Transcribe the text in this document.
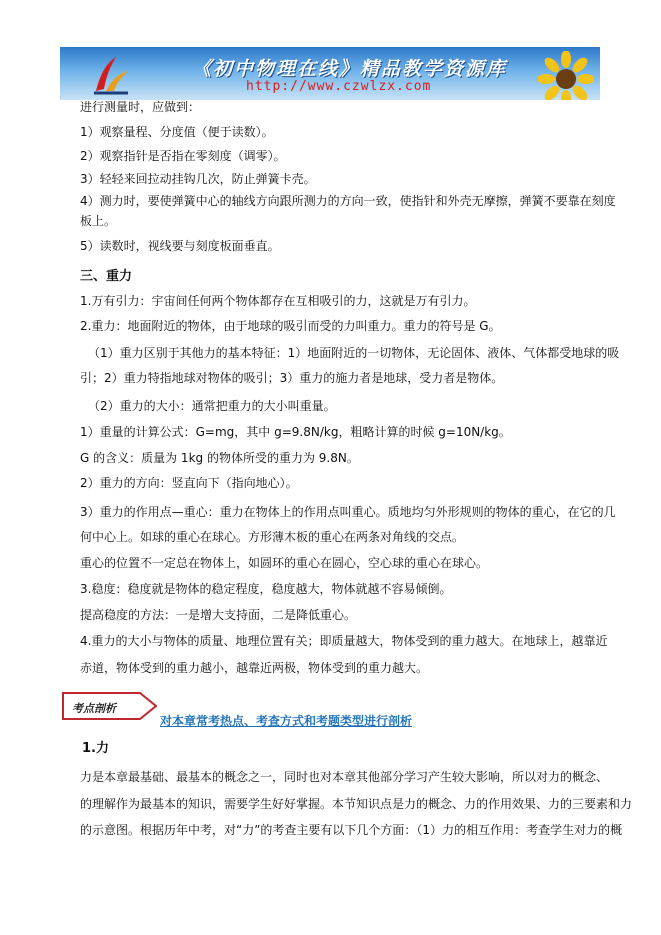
《初中物理在线》精品教学资源库
http://www.czwlzx.com
进行测量时，应做到：
1）观察量程、分度值（便于读数）。
2）观察指针是否指在零刻度（调零）。
3）轻轻来回拉动挂钩几次，防止弹簧卡壳。
4）测力时，要使弹簧中心的轴线方向跟所测力的方向一致，使指针和外壳无摩擦，弹簧不要靠在刻度
板上。
5）读数时，视线要与刻度板面垂直。
三、重力
1.万有引力：宇宙间任何两个物体都存在互相吸引的力，这就是万有引力。
2.重力：地面附近的物体，由于地球的吸引而受的力叫重力。重力的符号是 G。
（1）重力区别于其他力的基本特征：1）地面附近的一切物体，无论固体、液体、气体都受地球的吸
引；2）重力特指地球对物体的吸引；3）重力的施力者是地球，受力者是物体。
（2）重力的大小：通常把重力的大小叫重量。
1）重量的计算公式：G=mg，其中 g=9.8N/kg，粗略计算的时候 g=10N/kg。
G 的含义：质量为 1kg 的物体所受的重力为 9.8N。
2）重力的方向：竖直向下（指向地心）。
3）重力的作用点—重心：重力在物体上的作用点叫重心。质地均匀外形规则的物体的重心，在它的几
何中心上。如球的重心在球心。方形薄木板的重心在两条对角线的交点。
重心的位置不一定总在物体上，如圆环的重心在圆心，空心球的重心在球心。
3.稳度：稳度就是物体的稳定程度，稳度越大，物体就越不容易倾倒。
提高稳度的方法：一是增大支持面，二是降低重心。
4.重力的大小与物体的质量、地理位置有关；即质量越大，物体受到的重力越大。在地球上，越靠近
赤道，物体受到的重力越小，越靠近两极，物体受到的重力越大。
1.力
力是本章最基础、最基本的概念之一，同时也对本章其他部分学习产生较大影响，所以对力的概念、
的理解作为最基本的知识，需要学生好好掌握。本节知识点是力的概念、力的作用效果、力的三要素和力
的示意图。根据历年中考，对“力”的考查主要有以下几个方面：（1）力的相互作用：考查学生对力的概
考点剖析
对本章常考热点、考查方式和考题类型进行剖析
